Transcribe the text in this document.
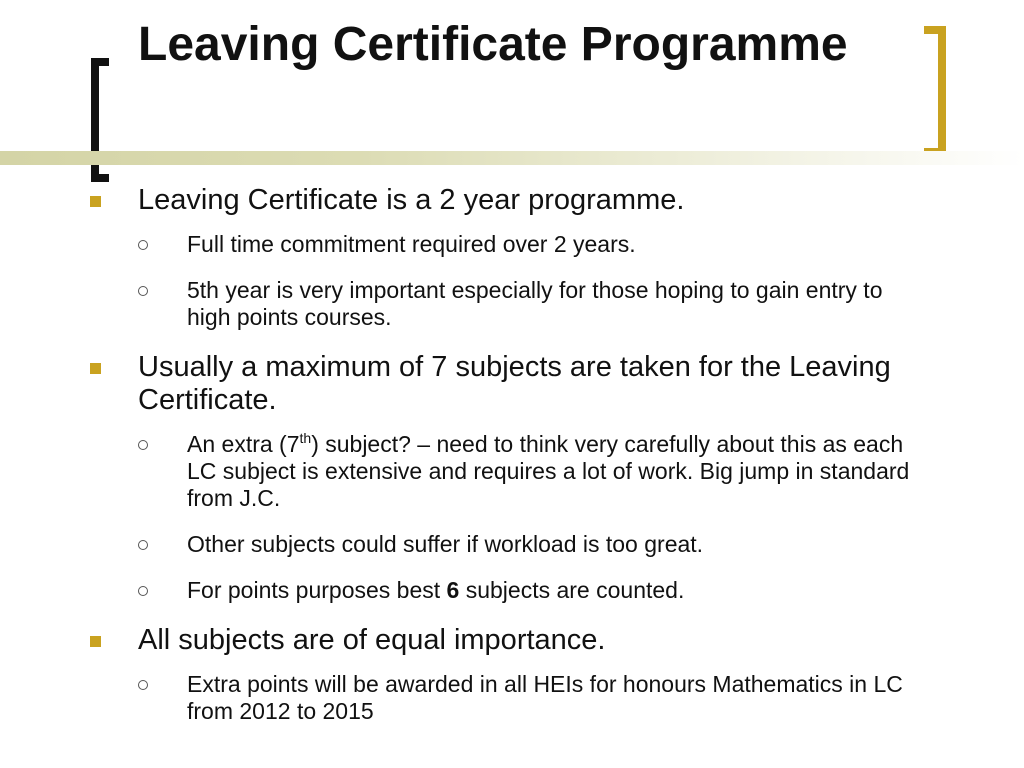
Leaving Certificate Programme
Leaving Certificate is a 2 year programme.
Full time commitment required over 2 years.
5th year is very important especially for those hoping to gain entry to high points courses.
Usually a maximum of 7 subjects are taken for the Leaving Certificate.
An extra (7th) subject? – need to think very carefully about this as each LC subject is extensive and requires a lot of work. Big jump in standard from J.C.
Other subjects could suffer if workload is too great.
For points purposes best 6 subjects are counted.
All subjects are of equal importance.
Extra points will be awarded in all HEIs for honours Mathematics in LC from 2012 to 2015
